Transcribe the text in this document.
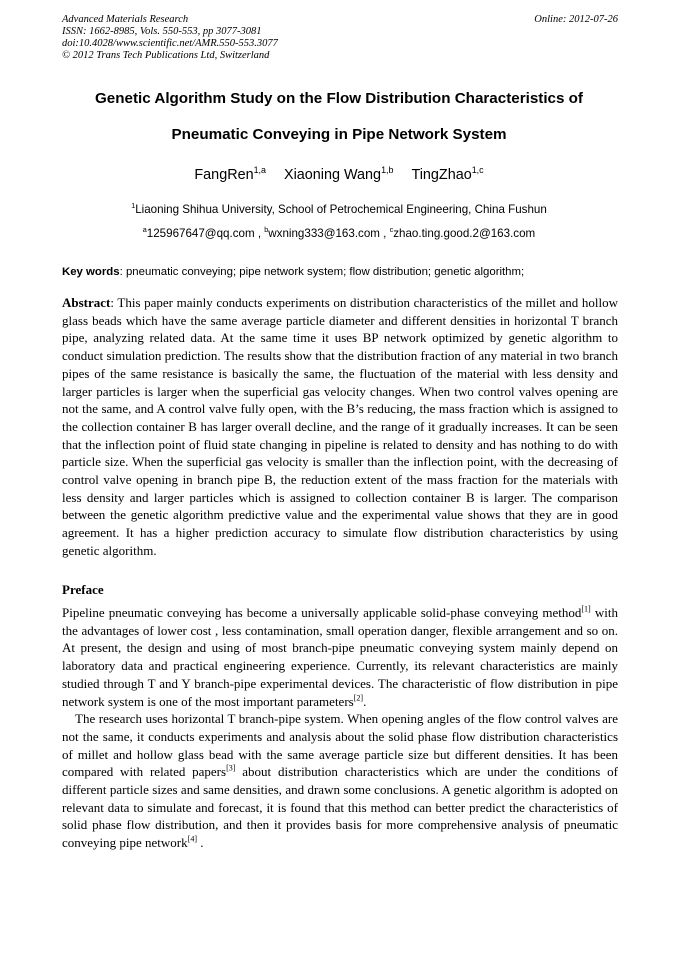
Advanced Materials Research
ISSN: 1662-8985, Vols. 550-553, pp 3077-3081
doi:10.4028/www.scientific.net/AMR.550-553.3077
© 2012 Trans Tech Publications Ltd, Switzerland
Online: 2012-07-26
Genetic Algorithm Study on the Flow Distribution Characteristics of
Pneumatic Conveying in Pipe Network System
FangRen$^{1,a}$ Xiaoning Wang$^{1,b}$ TingZhao$^{1,c}$
$^1$Liaoning Shihua University, School of Petrochemical Engineering, China Fushun
$^a$125967647@qq.com , $^b$wxning333@163.com , $^c$zhao.ting.good.2@163.com
Key words: pneumatic conveying; pipe network system; flow distribution; genetic algorithm;

Abstract: This paper mainly conducts experiments on distribution characteristics of the millet and hollow glass beads which have the same average particle diameter and different densities in horizontal T branch pipe, analyzing related data. At the same time it uses BP network optimized by genetic algorithm to conduct simulation prediction. The results show that the distribution fraction of any material in two branch pipes of the same resistance is basically the same, the fluctuation of the material with less density and larger particles is larger when the superficial gas velocity changes. When two control valves opening are not the same, and A control valve fully open, with the B’s reducing, the mass fraction which is assigned to the collection container B has larger overall decline, and the range of it gradually increases. It can be seen that the inflection point of fluid state changing in pipeline is related to density and has nothing to do with particle size. When the superficial gas velocity is smaller than the inflection point, with the decreasing of control valve opening in branch pipe B, the reduction extent of the mass fraction for the materials with less density and larger particles which is assigned to collection container B is larger. The comparison between the genetic algorithm predictive value and the experimental value shows that they are in good agreement. It has a higher prediction accuracy to simulate flow distribution characteristics by using genetic algorithm.

Preface

Pipeline pneumatic conveying has become a universally applicable solid-phase conveying method[1] with the advantages of lower cost , less contamination, small operation danger, flexible arrangement and so on. At present, the design and using of most branch-pipe pneumatic conveying system mainly depend on laboratory data and practical engineering experience. Currently, its relevant characteristics are mainly studied through T and Y branch-pipe experimental devices. The characteristic of flow distribution in pipe network system is one of the most important parameters[2].

The research uses horizontal T branch-pipe system. When opening angles of the flow control valves are not the same, it conducts experiments and analysis about the solid phase flow distribution characteristics of millet and hollow glass bead with the same average particle size but different densities. It has been compared with related papers[3] about distribution characteristics which are under the conditions of different particle sizes and same densities, and drawn some conclusions. A genetic algorithm is adopted on relevant data to simulate and forecast, it is found that this method can better predict the characteristics of solid phase flow distribution, and then it provides basis for more comprehensive analysis of pneumatic conveying pipe network[4] .
